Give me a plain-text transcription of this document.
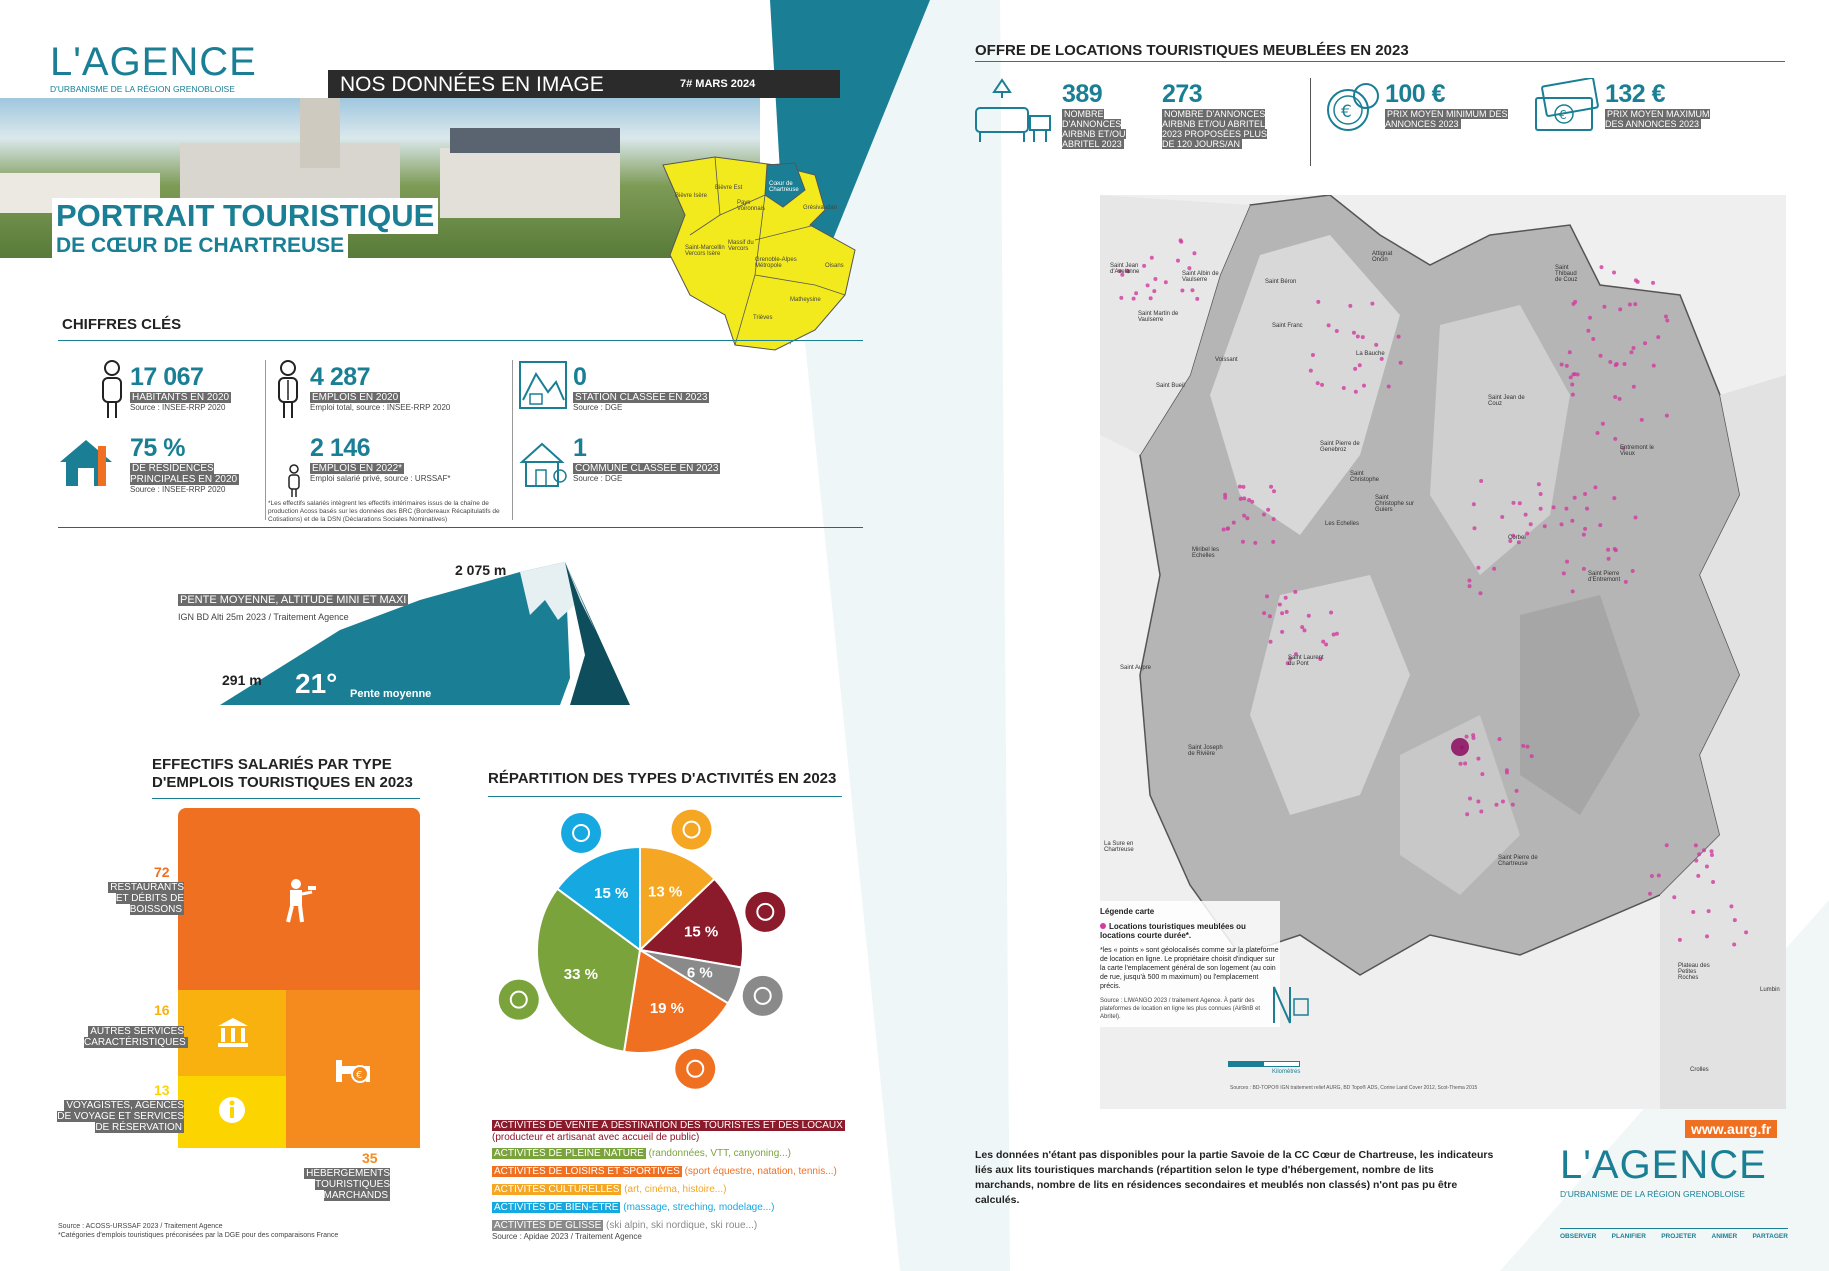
L'AGENCE
D'URBANISME DE LA RÉGION GRENOBLOISE	NOS DONNÉES EN IMAGE	7# MARS 2024
PORTRAIT TOURISTIQUE
DE CŒUR DE CHARTREUSE
Bièvre Isère
Bièvre Est
Pays Voironnais
Cœur de Chartreuse
Grésivaudan
Saint-Marcellin Vercors Isère
Massif du Vercors
Grenoble-Alpes Métropole	Oisans
Matheysine
Trièves
CHIFFRES CLÉS
17 067
HABITANTS EN 2020
Source : INSEE-RRP 2020
4 287
EMPLOIS EN 2020
Emploi total, source : INSEE-RRP 2020
0
STATION CLASSÉE EN 2023
Source : DGE
75 %
DE RÉSIDENCES PRINCIPALES EN 2020
Source : INSEE-RRP 2020
2 146
EMPLOIS EN 2022*
Emploi salarié privé, source : URSSAF*
*Les effectifs salariés intègrent les effectifs intérimaires issus de la chaîne de production Acoss basés sur les données des BRC (Bordereaux Récapitulatifs de Cotisations) et de la DSN (Déclarations Sociales Nominatives)
1
COMMUNE CLASSÉE EN 2023
Source : DGE
PENTE MOYENNE, ALTITUDE MINI ET MAXI
IGN BD Alti 25m 2023 / Traitement Agence
2 075 m
291 m 21° Pente moyenne
EFFECTIFS SALARIÉS PAR TYPE
D'EMPLOIS TOURISTIQUES EN 2023
€
72
RESTAURANTS ET DÉBITS DE BOISSONS
16
AUTRES SERVICES CARACTÉRISTIQUES
13
VOYAGISTES, AGENCES DE VOYAGE ET SERVICES DE RÉSERVATION
35
HÉBERGEMENTS TOURISTIQUES MARCHANDS
Source : ACOSS-URSSAF 2023 / Traitement Agence
*Catégories d'emplois touristiques préconisées par la DGE pour des comparaisons France
RÉPARTITION DES TYPES D'ACTIVITÉS EN 2023
13 %
15 %
6 %
19 %
33 %
15 %
ACTIVITÉS DE VENTE À DESTINATION DES TOURISTES ET DES LOCAUX
(producteur et artisanat avec accueil de public)
ACTIVITÉS DE PLEINE NATURE (randonnées, VTT, canyoning...)
ACTIVITÉS DE LOISIRS ET SPORTIVES (sport équestre, natation, tennis...)
ACTIVITÉS CULTURELLES (art, cinéma, histoire...)
ACTIVITÉS DE BIEN-ÊTRE (massage, streching, modelage...)
ACTIVITÉS DE GLISSE (ski alpin, ski nordique, ski roue...)
Source : Apidae 2023 / Traitement Agence
OFFRE DE LOCATIONS TOURISTIQUES MEUBLÉES EN 2023
389
NOMBRE D'ANNONCES AIRBNB ET/OU ABRITEL 2023
273
NOMBRE D'ANNONCES AIRBNB ET/OU ABRITEL 2023 PROPOSÉES PLUS DE 120 JOURS/AN
€
100 €
PRIX MOYEN MINIMUM DES ANNONCES 2023
€
132 €
PRIX MOYEN MAXIMUM DES ANNONCES 2023
Saint Jean d'Avelanne	Saint Albin de Vaulserre	Saint Béron
Attignat Oncin
Saint Martin de Vaulserre
Saint Franc
Saint Thibaud de Couz
La Bauche
Voissant
Saint Bueil
Saint Jean de Couz
Saint Pierre de Genebroz
Saint Christophe
Corbel
Entremont le Vieux
Les Echelles
Saint Christophe sur Guiers
Miribel les Echelles
Saint Pierre d'Entremont
Saint Aupre
Saint Laurent du Pont
Saint Joseph de Rivière
La Sure en Chartreuse
Saint Pierre de Chartreuse
Plateau des Petites Roches
Lumbin
Crolles
Légende carte
Locations touristiques meublées ou locations courte durée*.
*les « points » sont géolocalisés comme sur la plateforme de location en ligne. Le propriétaire choisit d'indiquer sur la carte l'emplacement général de son logement (au coin de rue, jusqu'à 500 m maximum) ou l'emplacement précis.
Source : LIWANGO 2023 / traitement Agence. À partir des plateformes de location en ligne les plus connues (AirBnB et Abritel).
Kilomètres
Sources : BD-TOPO® IGN traitement relief AURG, BD Topo® ADS, Corine Land Cover 2012, Scot-Thema 2015
Les données n'étant pas disponibles pour la partie Savoie de la CC Cœur de Chartreuse, les indicateurs liés aux lits touristiques marchands (répartition selon le type d'hébergement, nombre de lits marchands, nombre de lits en résidences secondaires et meublés non classés) n'ont pas pu être calculés.
www.aurg.fr
L'AGENCE
D'URBANISME DE LA RÉGION GRENOBLOISE
OBSERVER PLANIFIER PROJETER ANIMER PARTAGER
